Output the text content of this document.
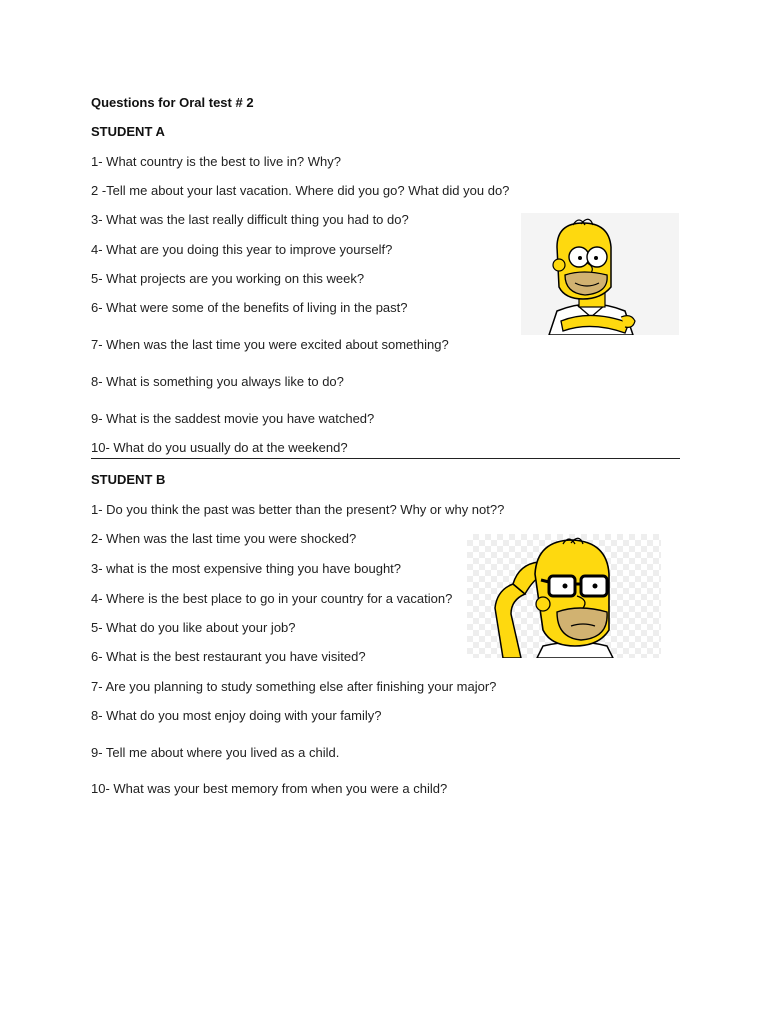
Questions for Oral test # 2
STUDENT A
1- What country is the best to live in? Why?
2 -Tell me about your last vacation. Where did you go? What did you do?
3- What was the last really difficult thing you had to do?
4- What are you doing this year to improve yourself?
5- What projects are you working on this week?
6- What were some of the benefits of living in the past?
7- When was the last time you were excited about something?
8- What is something you always like to do?
9- What is the saddest movie you have watched?
10- What do you usually do at the weekend?
STUDENT B
1- Do you think the past was better than the present? Why or why not??
2- When was the last time you were shocked?
3- what is the most expensive thing you have bought?
4- Where is the best place to go in your country for a vacation?
5- What do you like about your job?
6- What is the best restaurant you have visited?
7- Are you planning to study something else after finishing your major?
8- What do you most enjoy doing with your family?
9- Tell me about where you lived as a child.
10- What was your best memory from when you were a child?
